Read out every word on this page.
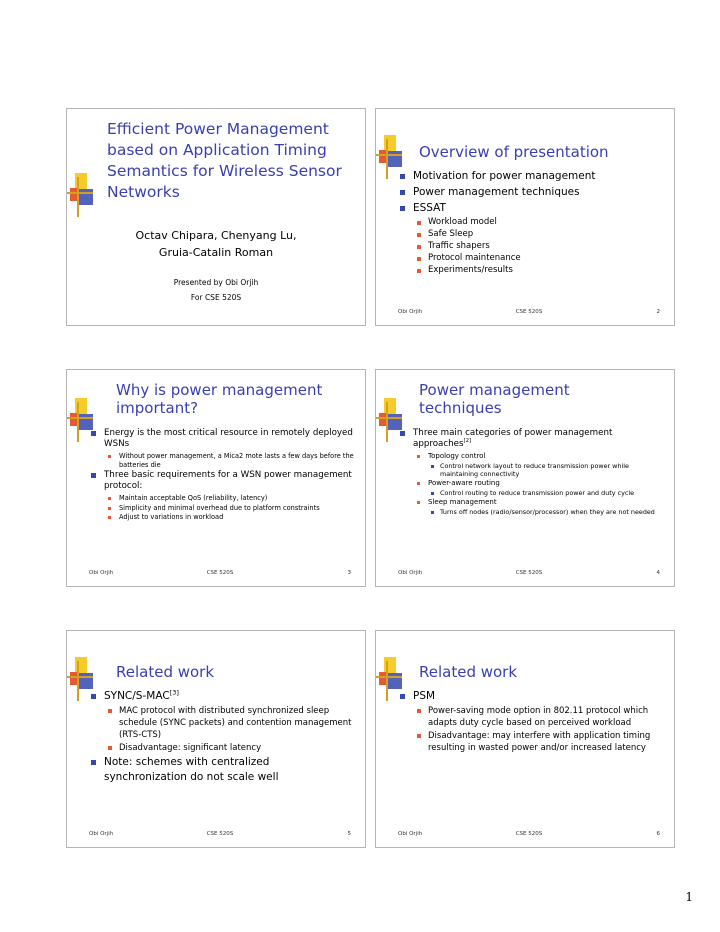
Efficient Power Management based on Application Timing Semantics for Wireless Sensor Networks
Octav Chipara, Chenyang Lu,
Gruia-Catalin Roman
Presented by Obi Orjih
For CSE 520S
Overview of presentation
Motivation for power management
Power management techniques
ESSAT
Workload model
Safe Sleep
Traffic shapers
Protocol maintenance
Experiments/results
Obi Orjih	CSE 520S	2
Why is power management
important?
Energy is the most critical resource in remotely deployed WSNs
Without power management, a Mica2 mote lasts a few days before the batteries die
Three basic requirements for a WSN power management protocol:
Maintain acceptable QoS (reliability, latency)
Simplicity and minimal overhead due to platform constraints
Adjust to variations in workload
Obi Orjih	CSE 520S	3
Power management
techniques
Three main categories of power management approaches[2]
Topology control
Control network layout to reduce transmission power while maintaining connectivity
Power-aware routing
Control routing to reduce transmission power and duty cycle
Sleep management
Turns off nodes (radio/sensor/processor) when they are not needed
Obi Orjih	CSE 520S	4
Related work
SYNC/S-MAC[3]
MAC protocol with distributed synchronized sleep schedule (SYNC packets) and contention management (RTS-CTS)
Disadvantage: significant latency
Note: schemes with centralized synchronization do not scale well
Obi Orjih	CSE 520S	5
Related work
PSM
Power-saving mode option in 802.11 protocol which adapts duty cycle based on perceived workload
Disadvantage: may interfere with application timing resulting in wasted power and/or increased latency
Obi Orjih	CSE 520S	6
1
